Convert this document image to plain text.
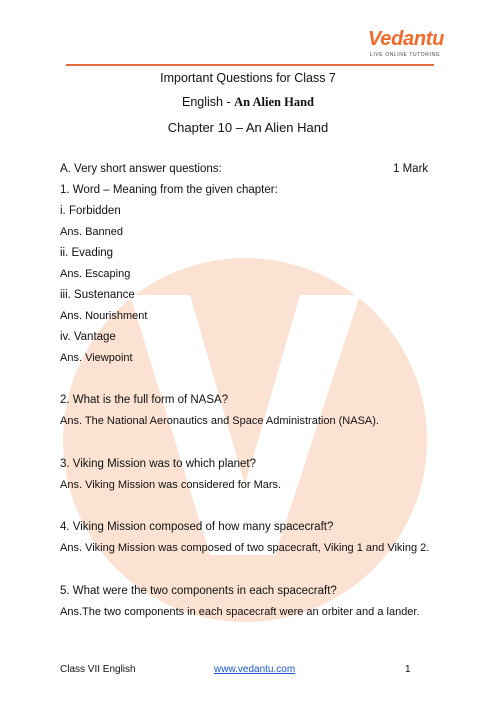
Vedantu
LIVE ONLINE TUTORING
Important Questions for Class 7
English - An Alien Hand
Chapter 10 – An Alien Hand
A. Very short answer questions:	1 Mark
1. Word – Meaning from the given chapter:
i. Forbidden
Ans. Banned
ii. Evading
Ans. Escaping
iii. Sustenance
Ans. Nourishment
iv. Vantage
Ans. Viewpoint
2. What is the full form of NASA?
Ans. The National Aeronautics and Space Administration (NASA).
3. Viking Mission was to which planet?
Ans. Viking Mission was considered for Mars.
4. Viking Mission composed of how many spacecraft?
Ans. Viking Mission was composed of two spacecraft, Viking 1 and Viking 2.
5. What were the two components in each spacecraft?
Ans.The two components in each spacecraft were an orbiter and a lander.
Class VII English	www.vedantu.com	1
